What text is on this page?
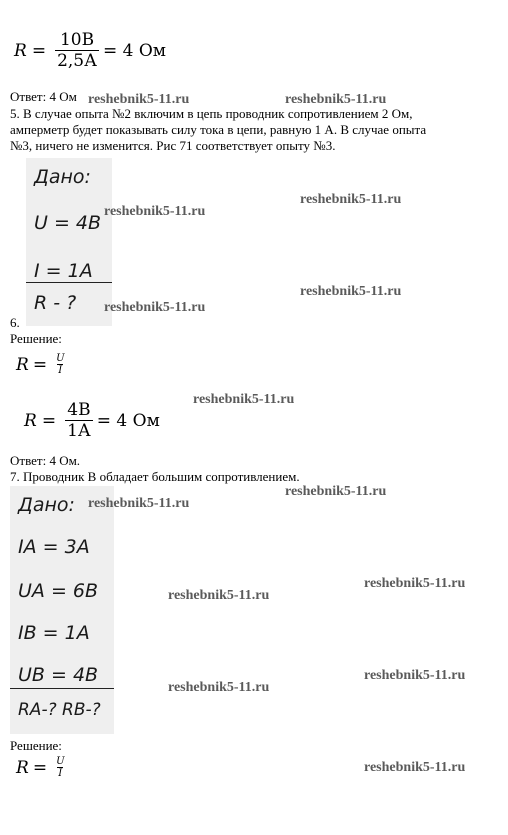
$R = \frac{10В}{2,5А} = 4$ Ом
Ответ: 4 Ом
5. В случае опыта №2 включим в цепь проводник сопротивлением 2 Ом,
амперметр будет показывать силу тока в цепи, равную 1 А. В случае опыта
№3, ничего не изменится. Рис 71 соответствует опыту №3.
Дано:
U = 4В
I = 1А
R - ?
6.
Решение:
$R = \frac{U}{I}$
$R = \frac{4В}{1А} = 4$ Ом
Ответ: 4 Ом.
7. Проводник В обладает большим сопротивлением.
Дано:
IА = 3А
UА = 6В
IВ = 1А
UВ = 4В
RА-? RВ-?
Решение:
$R = \frac{U}{I}$
reshebnik5-11.ru	reshebnik5-11.ru
reshebnik5-11.ru
reshebnik5-11.ru
reshebnik5-11.ru
reshebnik5-11.ru
reshebnik5-11.ru
reshebnik5-11.ru
reshebnik5-11.ru
reshebnik5-11.ru
reshebnik5-11.ru
reshebnik5-11.ru
reshebnik5-11.ru
reshebnik5-11.ru
